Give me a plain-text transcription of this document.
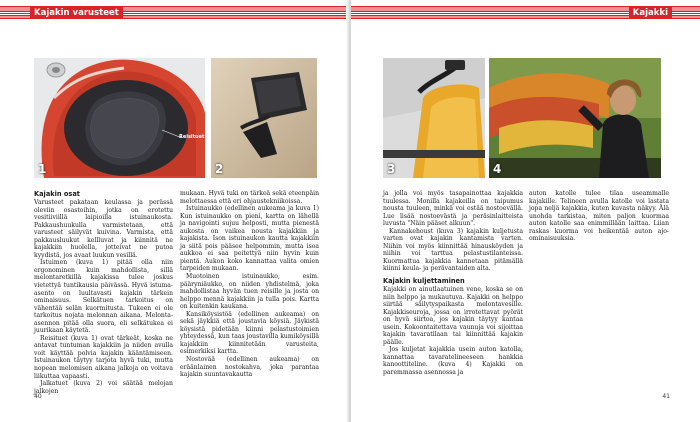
Kajakin varusteet
Reisituet
1	2
Kajakin osat

Varusteet pakataan keulassa ja perässä oleviin osastoihin, jotka on erotettu vesitiiviillä laipioilla istuinaukosta. Pakkaushuukulla varmistetaan, että varusteet säilyvät kuivina. Varmista, että pakkausluukut kellluvat ja kiinnitä ne kajakkiin huolella, jotteivat ne putoa kyydistä, jos avaat luukun vesillä.

Istuimen (kuva 1) pitää olla niin ergonominen kuin mahdollista, sillä melontaretkillä kajakissa tulee joskus vietettyä tuntikausia päivässä. Hyvä istuma-asento on luultavasti kajakin tärkein ominaisuus. Selkätuen tarkoitus on vähentää selän kuormitusta. Tukeen ei ole tarkoitus nojata melonnan aikana. Melonta-asennon pitää olla suora, eli selkätukea ei juurikaan käytetä.

Reisituet (kuva 1) ovat tärkeät, koska ne antavat tuntuman kajakkiin ja niiden avulla voit käyttää polvia kajakin kääntämiseen. Istuinaukon täytyy tarjota hyvä tuki, mutta nopean melomisen aikana jalkoja on voitava liikuttaa vapaasti.

Jalkatuet (kuva 2) voi säätää melojan jalkojen

mukaan. Hyvä tuki on tärkeä sekä eteenpäin melottaessa että eri ohjaustekniikoissa.

Istuinaukko (edellinen aukeama ja kuva 1) Kun istuinaukko on pieni, kartta on lähellä ja navigointi sujuu helposti, mutta pienestä aukosta on vaikea nousta kajakkiin ja kajakista. Ison istuinaukon kautta kajakkiin ja siitä pois pääsee helpommin, mutta isoa aukkoa ei saa peitettyä niin hyvin kuin pientä. Aukon koko kannattaa valita omien tarpeiden mukaan.

Muotoinen istuinaukko, esim. pääryniäukko, on niiden yhdistelmä, joka mahdollistaa hyvän tuen reisille ja josta on helppo mennä kajakkiin ja tulla pois. Kartta on kuitenkin kaukana.

Kansiköysistöä (edellinen aukeama) on sekä jäykkiä että joustavia köysiä. Jäykistä köysistä pidetään kiinni pelastustoimien yhteydessä, kun taas joustavilla kumiköysillä kajakkiin kiinnitetään varusteita, esimerkiksi kartta.

Nostovää (edellinen aukeama) on eräänlainen nostokahva, joka parantaa kajakin suuntavakautta

40
Kajakki
3	4

ja jolla voi myös tasapainottaa kajakkia tuulessa. Monilla kajakeilla on taipumus nousta tuuleen, minkä voi estää nostoevällä. Lue lisää nostoevästä ja peräsinlaitteista luvusta "Näin pääset alkuun".

Kannakehoust (kuva 3) kajakin kuljetusta varten ovat kajakin kantamista varten. Niihin voi myös kiinnittää hinausköyden ja niihin voi tarttua pelastustilanteissa. Kuormattua kajakkia kannetaan pitämällä kiinni keula- ja perävantaiden alta.

Kajakin kuljettaminen

Kajakki on ainutlaatuinen vene, koska se on niin helppo ja mukautuva. Kajakki on helppo siirtää säilytyspaikasta melontavesille. Kajakkiseuroja, jossa on irrotettavat pyörät on hyvä siirtoa, jos kajakin täytyy kantaa usein. Kokoontaitettava vaunuja voi sijoittaa kajakin tavaratilaan tai kiinnittää kajakin päälle.

Jos kuljetat kajakkia usein auton katolla, kannattaa tavaratelineeseen hankkia kanoottiteline. (kuva 4) Kajakki on paremmassa asennossa ja

auton katolle tulee tilaa useammalle kajakille. Telineen avulla katolle voi lastata jopa neljä kajakkia, kuten kuvasta näkyy. Älä unohda tarkistaa, miten paljon kuormaa auton katolle saa enimmillään laittaa. Liian raskas kuorma voi heikentää auton ajo-ominaisuuksia.

41
